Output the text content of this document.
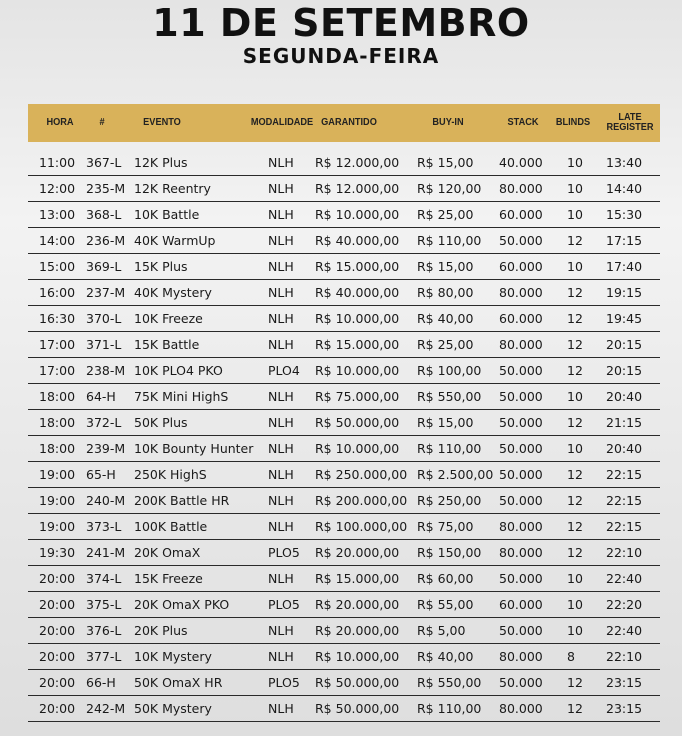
11 DE SETEMBRO
SEGUNDA-FEIRA
HORA	#	EVENTO	MODALIDADE GARANTIDO	BUY-IN	STACK	BLINDS	LATE
REGISTER
11:00 367-L 12K Plus	NLH R$ 12.000,00 R$ 15,00 40.000 10 13:40
12:00 235-M 12K Reentry	NLH R$ 12.000,00 R$ 120,00 80.000 10 14:40
13:00 368-L 10K Battle	NLH R$ 10.000,00 R$ 25,00 60.000 10 15:30
14:00 236-M 40K WarmUp	NLH R$ 40.000,00 R$ 110,00 50.000 12 17:15
15:00 369-L 15K Plus	NLH R$ 15.000,00 R$ 15,00 60.000 10 17:40
16:00 237-M 40K Mystery	NLH R$ 40.000,00 R$ 80,00 80.000 12 19:15
16:30 370-L 10K Freeze	NLH R$ 10.000,00 R$ 40,00 60.000 12 19:45
17:00 371-L 15K Battle	NLH R$ 15.000,00 R$ 25,00 80.000 12 20:15
17:00 238-M 10K PLO4 PKO	PLO4 R$ 10.000,00 R$ 100,00 50.000 12 20:15
18:00 64-H 75K Mini HighS	NLH R$ 75.000,00 R$ 550,00 50.000 10 20:40
18:00 372-L 50K Plus	NLH R$ 50.000,00 R$ 15,00 50.000 12 21:15
18:00 239-M 10K Bounty Hunter NLH R$ 10.000,00 R$ 110,00 50.000 10 20:40
19:00 65-H 250K HighS	NLH R$ 250.000,00 R$ 2.500,00 50.000 12 22:15
19:00 240-M 200K Battle HR	NLH R$ 200.000,00 R$ 250,00 50.000 12 22:15
19:00 373-L 100K Battle	NLH R$ 100.000,00 R$ 75,00 80.000 12 22:15
19:30 241-M 20K OmaX	PLO5 R$ 20.000,00 R$ 150,00 80.000 12 22:10
20:00 374-L 15K Freeze	NLH R$ 15.000,00 R$ 60,00 50.000 10 22:40
20:00 375-L 20K OmaX PKO	PLO5 R$ 20.000,00 R$ 55,00 60.000 10 22:20
20:00 376-L 20K Plus	NLH R$ 20.000,00 R$ 5,00	50.000 10 22:40
20:00 377-L 10K Mystery	NLH R$ 10.000,00 R$ 40,00 80.000 8 22:10
20:00 66-H 50K OmaX HR	PLO5 R$ 50.000,00 R$ 550,00 50.000 12 23:15
20:00 242-M 50K Mystery	NLH R$ 50.000,00 R$ 110,00 80.000 12 23:15
